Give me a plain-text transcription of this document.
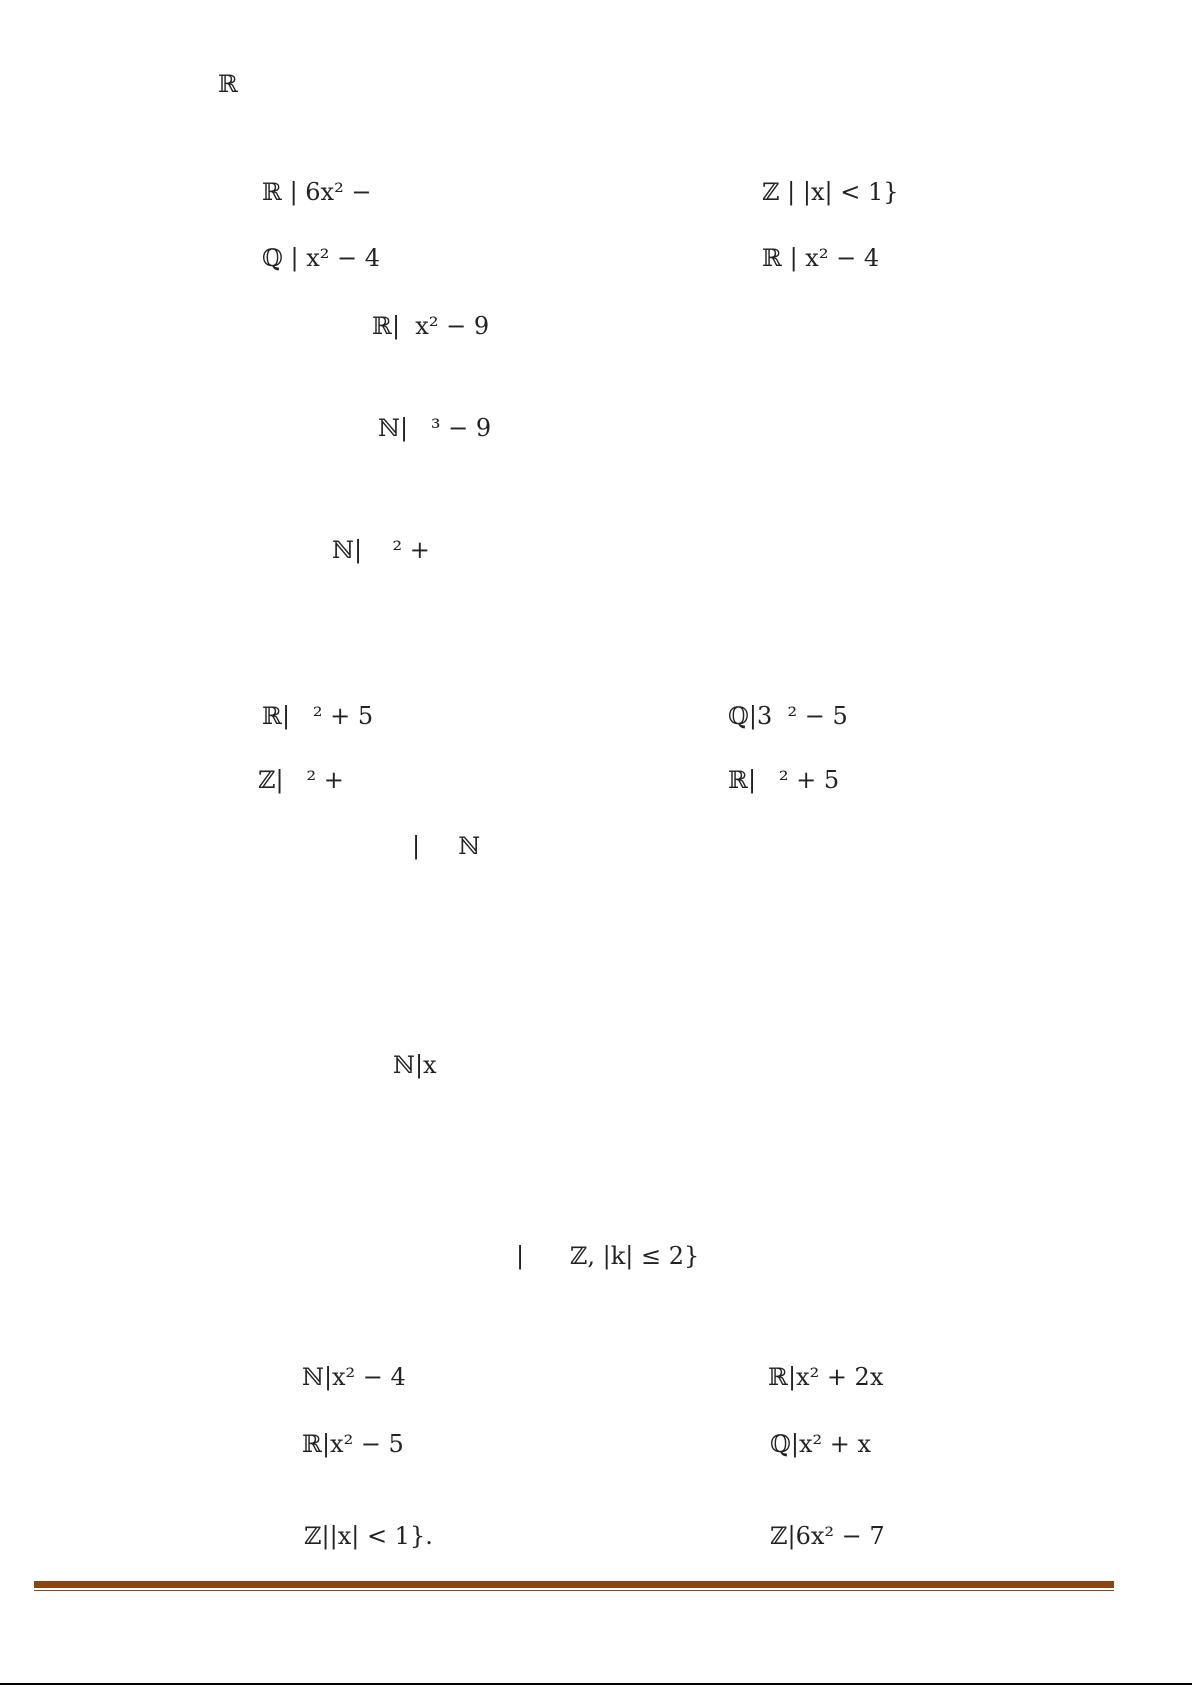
ℝ
ℝ | 6x² −	ℤ | |x| < 1}
ℚ | x² − 4	ℝ | x² − 4
ℝ|  x² − 9
ℕ|   ³ − 9
ℕ|    ² +
ℝ|   ² + 5	ℚ|3  ² − 5
ℤ|   ² +	ℝ|   ² + 5
|     ℕ
ℕ|x
|      ℤ, |k| ≤ 2}
ℕ|x² − 4	ℝ|x² + 2x
ℝ|x² − 5	ℚ|x² + x
ℤ||x| < 1}.	ℤ|6x² − 7
